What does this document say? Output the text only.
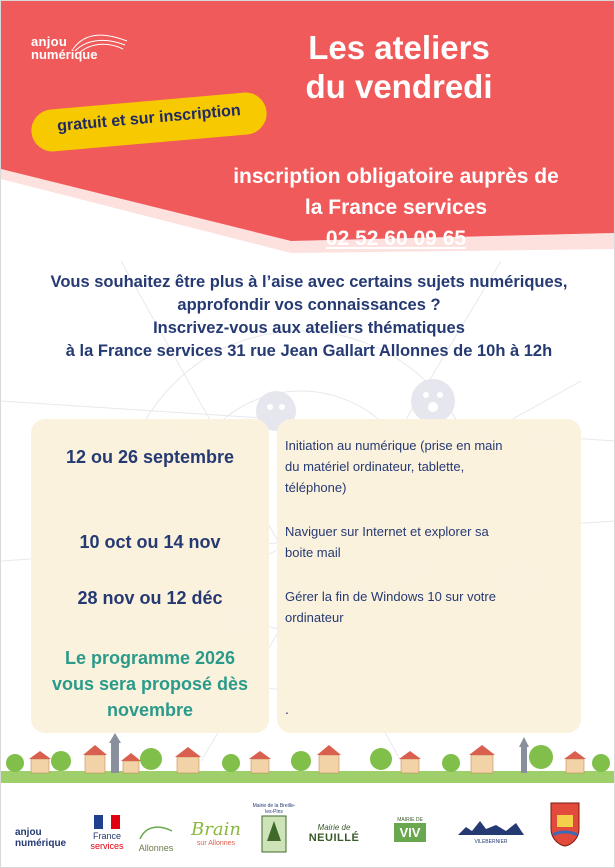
anjou
numérique	Les ateliers
du vendredi
gratuit et sur inscription
inscription obligatoire auprès de
la France services
02 52 60 09 65
Vous souhaitez être plus à l’aise avec certains sujets numériques,
approfondir vos connaissances ?
Inscrivez-vous aux ateliers thématiques
à la France services 31 rue Jean Gallart Allonnes de 10h à 12h
12 ou 26 septembre
Initiation au numérique (prise en main
du matériel ordinateur, tablette,
téléphone)
10 oct ou 14 nov
Naviguer sur Internet et explorer sa
boite mail
28 nov ou 12 déc	Gérer la fin de Windows 10 sur votre
ordinateur
Le programme 2026
vous sera proposé dès
novembre	.
anjou
numérique
France
services	Allonnes
Brain
sur Allonnes
Mairie de la Breille-les-Pins
Mairie de
NEUILLÉ
MAIRIE DE
VIV
VILEBERNIER
